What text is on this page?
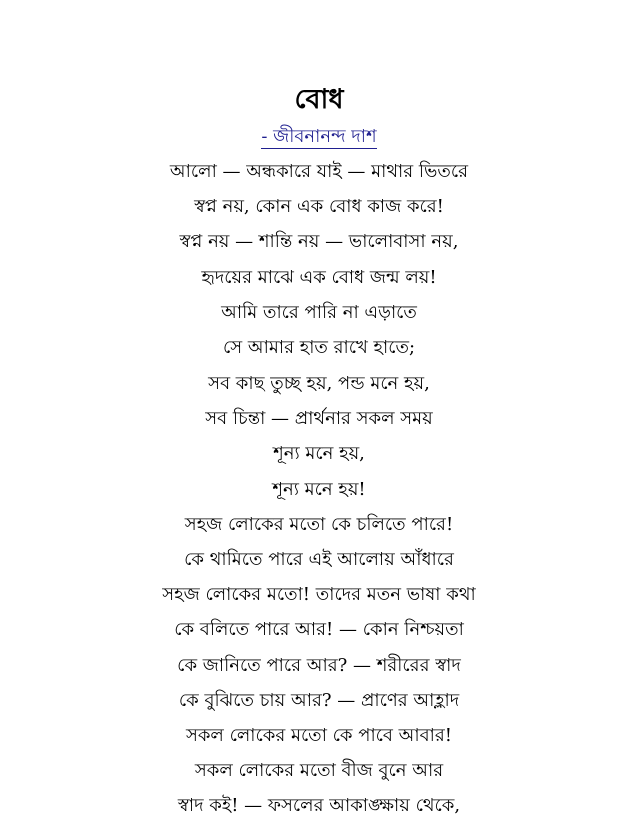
বোধ
- জীবনানন্দ দাশ
আলো — অন্ধকারে যাই — মাথার ভিতরে
স্বপ্ন নয়, কোন এক বোধ কাজ করে!
স্বপ্ন নয় — শান্তি নয় — ভালোবাসা নয়,
হৃদয়ের মাঝে এক বোধ জন্ম লয়!
আমি তারে পারি না এড়াতে
সে আমার হাত রাখে হাতে;
সব কাছ তুচ্ছ হয়, পন্ড মনে হয়,
সব চিন্তা — প্রার্থনার সকল সময়
শূন্য মনে হয়,
শূন্য মনে হয়!
সহজ লোকের মতো কে চলিতে পারে!
কে থামিতে পারে এই আলোয় আঁধারে
সহজ লোকের মতো! তাদের মতন ভাষা কথা
কে বলিতে পারে আর! — কোন নিশ্চয়তা
কে জানিতে পারে আর? — শরীরের স্বাদ
কে বুঝিতে চায় আর? — প্রাণের আহ্লাদ
সকল লোকের মতো কে পাবে আবার!
সকল লোকের মতো বীজ বুনে আর
স্বাদ কই! — ফসলের আকাঙ্ক্ষায় থেকে,
